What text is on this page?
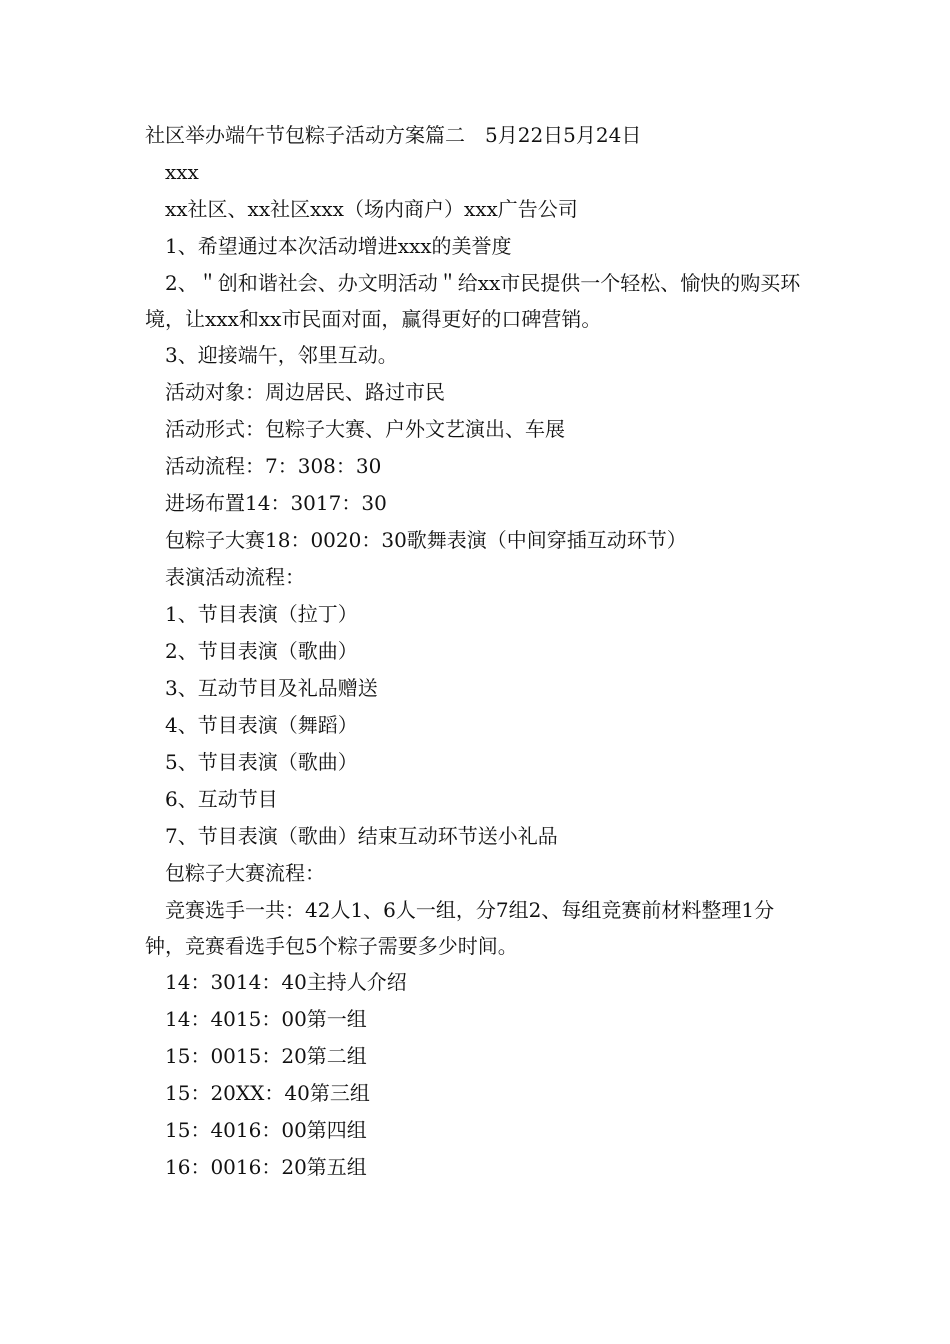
社区举办端午节包粽子活动方案篇二　5月22日5月24日

xxx

xx社区、xx社区xxx（场内商户）xxx广告公司

1、希望通过本次活动增进xxx的美誉度

2、＂创和谐社会、办文明活动＂给xx市民提供一个轻松、愉快的购买环境，让xxx和xx市民面对面，赢得更好的口碑营销。

3、迎接端午，邻里互动。

活动对象：周边居民、路过市民

活动形式：包粽子大赛、户外文艺演出、车展

活动流程：7：308：30

进场布置14：3017：30

包粽子大赛18：0020：30歌舞表演（中间穿插互动环节）

表演活动流程：

1、节目表演（拉丁）

2、节目表演（歌曲）

3、互动节目及礼品赠送

4、节目表演（舞蹈）

5、节目表演（歌曲）

6、互动节目

7、节目表演（歌曲）结束互动环节送小礼品

包粽子大赛流程：

竞赛选手一共：42人1、6人一组，分7组2、每组竞赛前材料整理1分钟，竞赛看选手包5个粽子需要多少时间。

14：3014：40主持人介绍

14：4015：00第一组

15：0015：20第二组

15：20XX：40第三组

15：4016：00第四组

16：0016：20第五组
